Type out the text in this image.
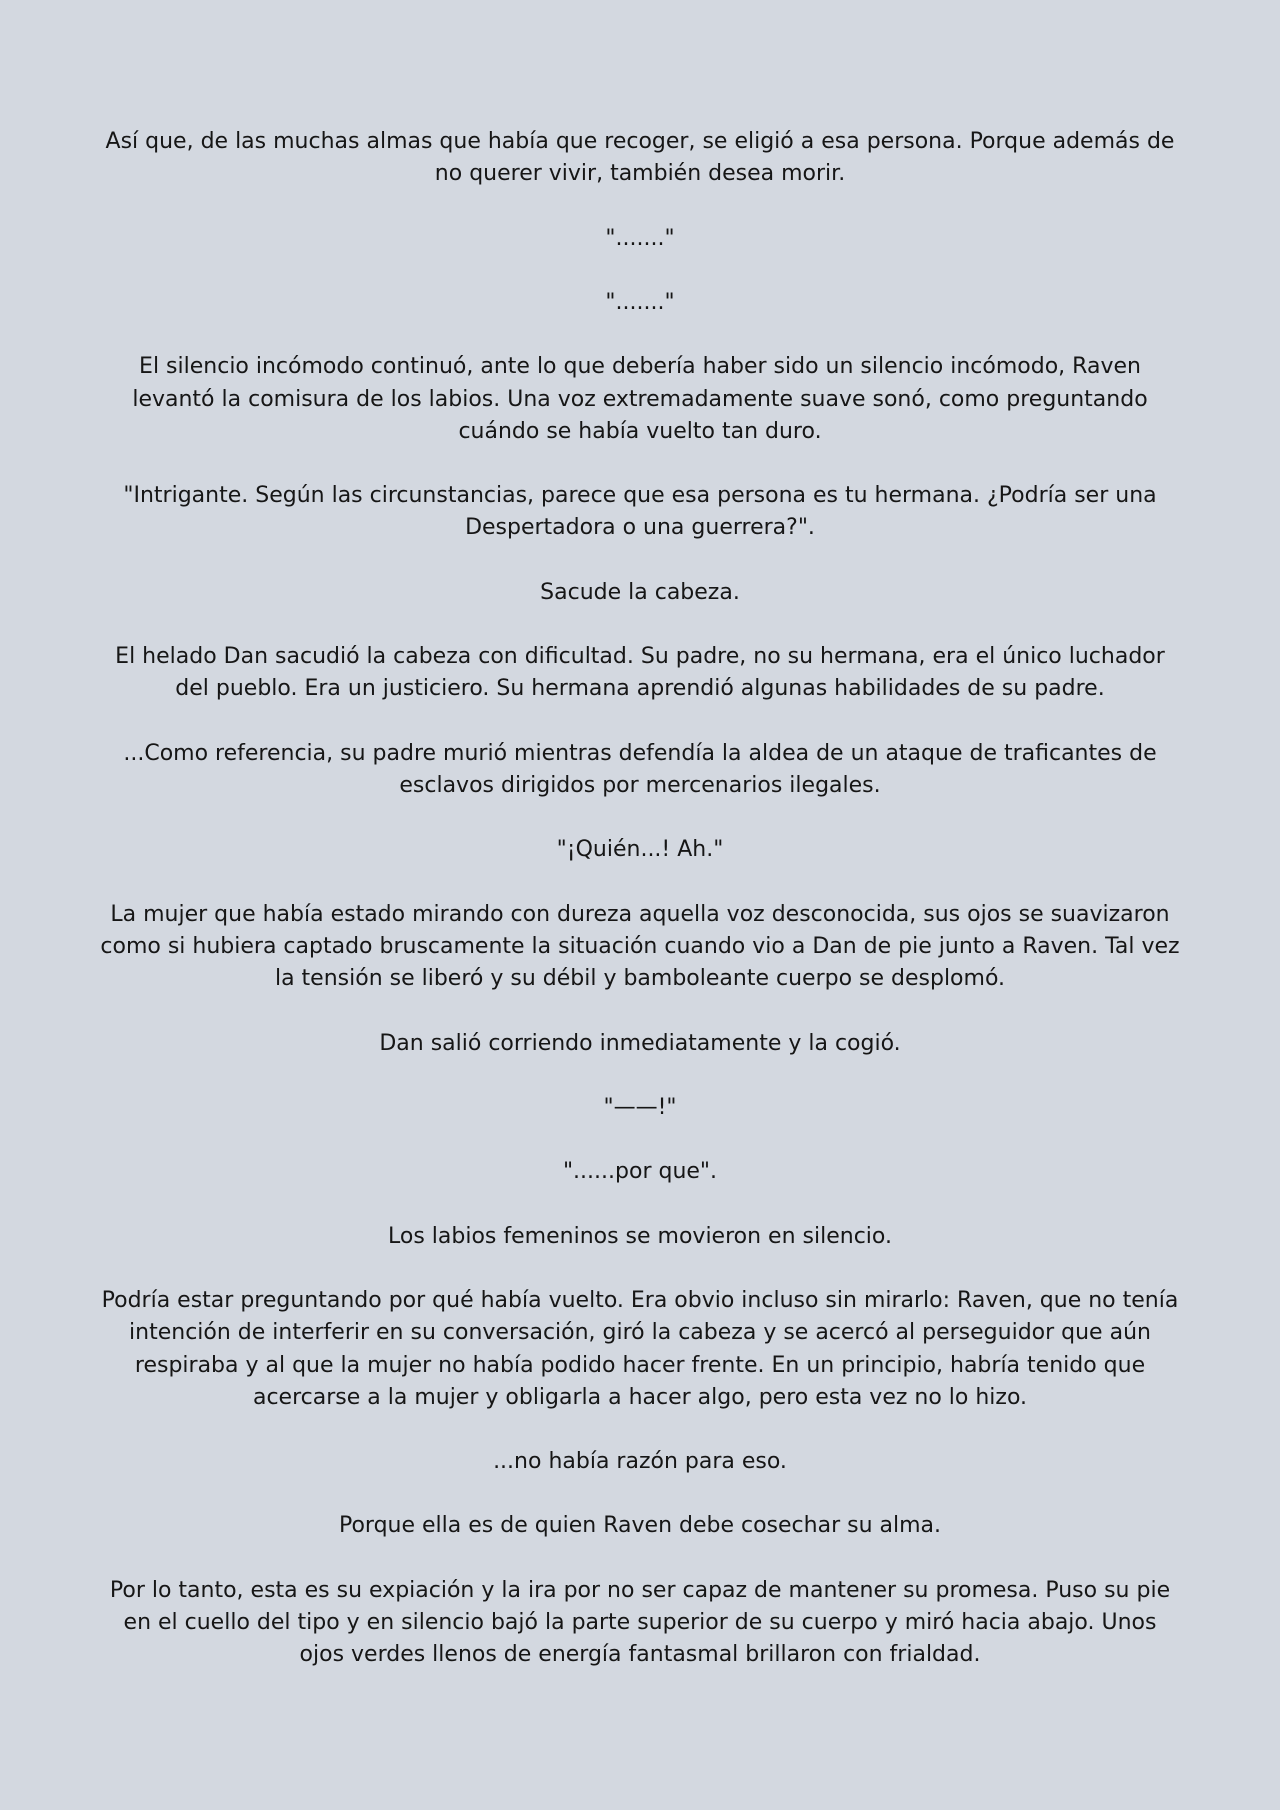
Así que, de las muchas almas que había que recoger, se eligió a esa persona. Porque además de no querer vivir, también desea morir.

"......."

"......."

El silencio incómodo continuó, ante lo que debería haber sido un silencio incómodo, Raven levantó la comisura de los labios. Una voz extremadamente suave sonó, como preguntando cuándo se había vuelto tan duro.

"Intrigante. Según las circunstancias, parece que esa persona es tu hermana. ¿Podría ser una Despertadora o una guerrera?".

Sacude la cabeza.

El helado Dan sacudió la cabeza con dificultad. Su padre, no su hermana, era el único luchador del pueblo. Era un justiciero. Su hermana aprendió algunas habilidades de su padre.

...Como referencia, su padre murió mientras defendía la aldea de un ataque de traficantes de esclavos dirigidos por mercenarios ilegales.

"¡Quién...! Ah."

La mujer que había estado mirando con dureza aquella voz desconocida, sus ojos se suavizaron como si hubiera captado bruscamente la situación cuando vio a Dan de pie junto a Raven. Tal vez la tensión se liberó y su débil y bamboleante cuerpo se desplomó.

Dan salió corriendo inmediatamente y la cogió.

"——!"

"......por que".

Los labios femeninos se movieron en silencio.

Podría estar preguntando por qué había vuelto. Era obvio incluso sin mirarlo: Raven, que no tenía intención de interferir en su conversación, giró la cabeza y se acercó al perseguidor que aún respiraba y al que la mujer no había podido hacer frente. En un principio, habría tenido que acercarse a la mujer y obligarla a hacer algo, pero esta vez no lo hizo.

...no había razón para eso.

Porque ella es de quien Raven debe cosechar su alma.

Por lo tanto, esta es su expiación y la ira por no ser capaz de mantener su promesa. Puso su pie en el cuello del tipo y en silencio bajó la parte superior de su cuerpo y miró hacia abajo. Unos ojos verdes llenos de energía fantasmal brillaron con frialdad.
